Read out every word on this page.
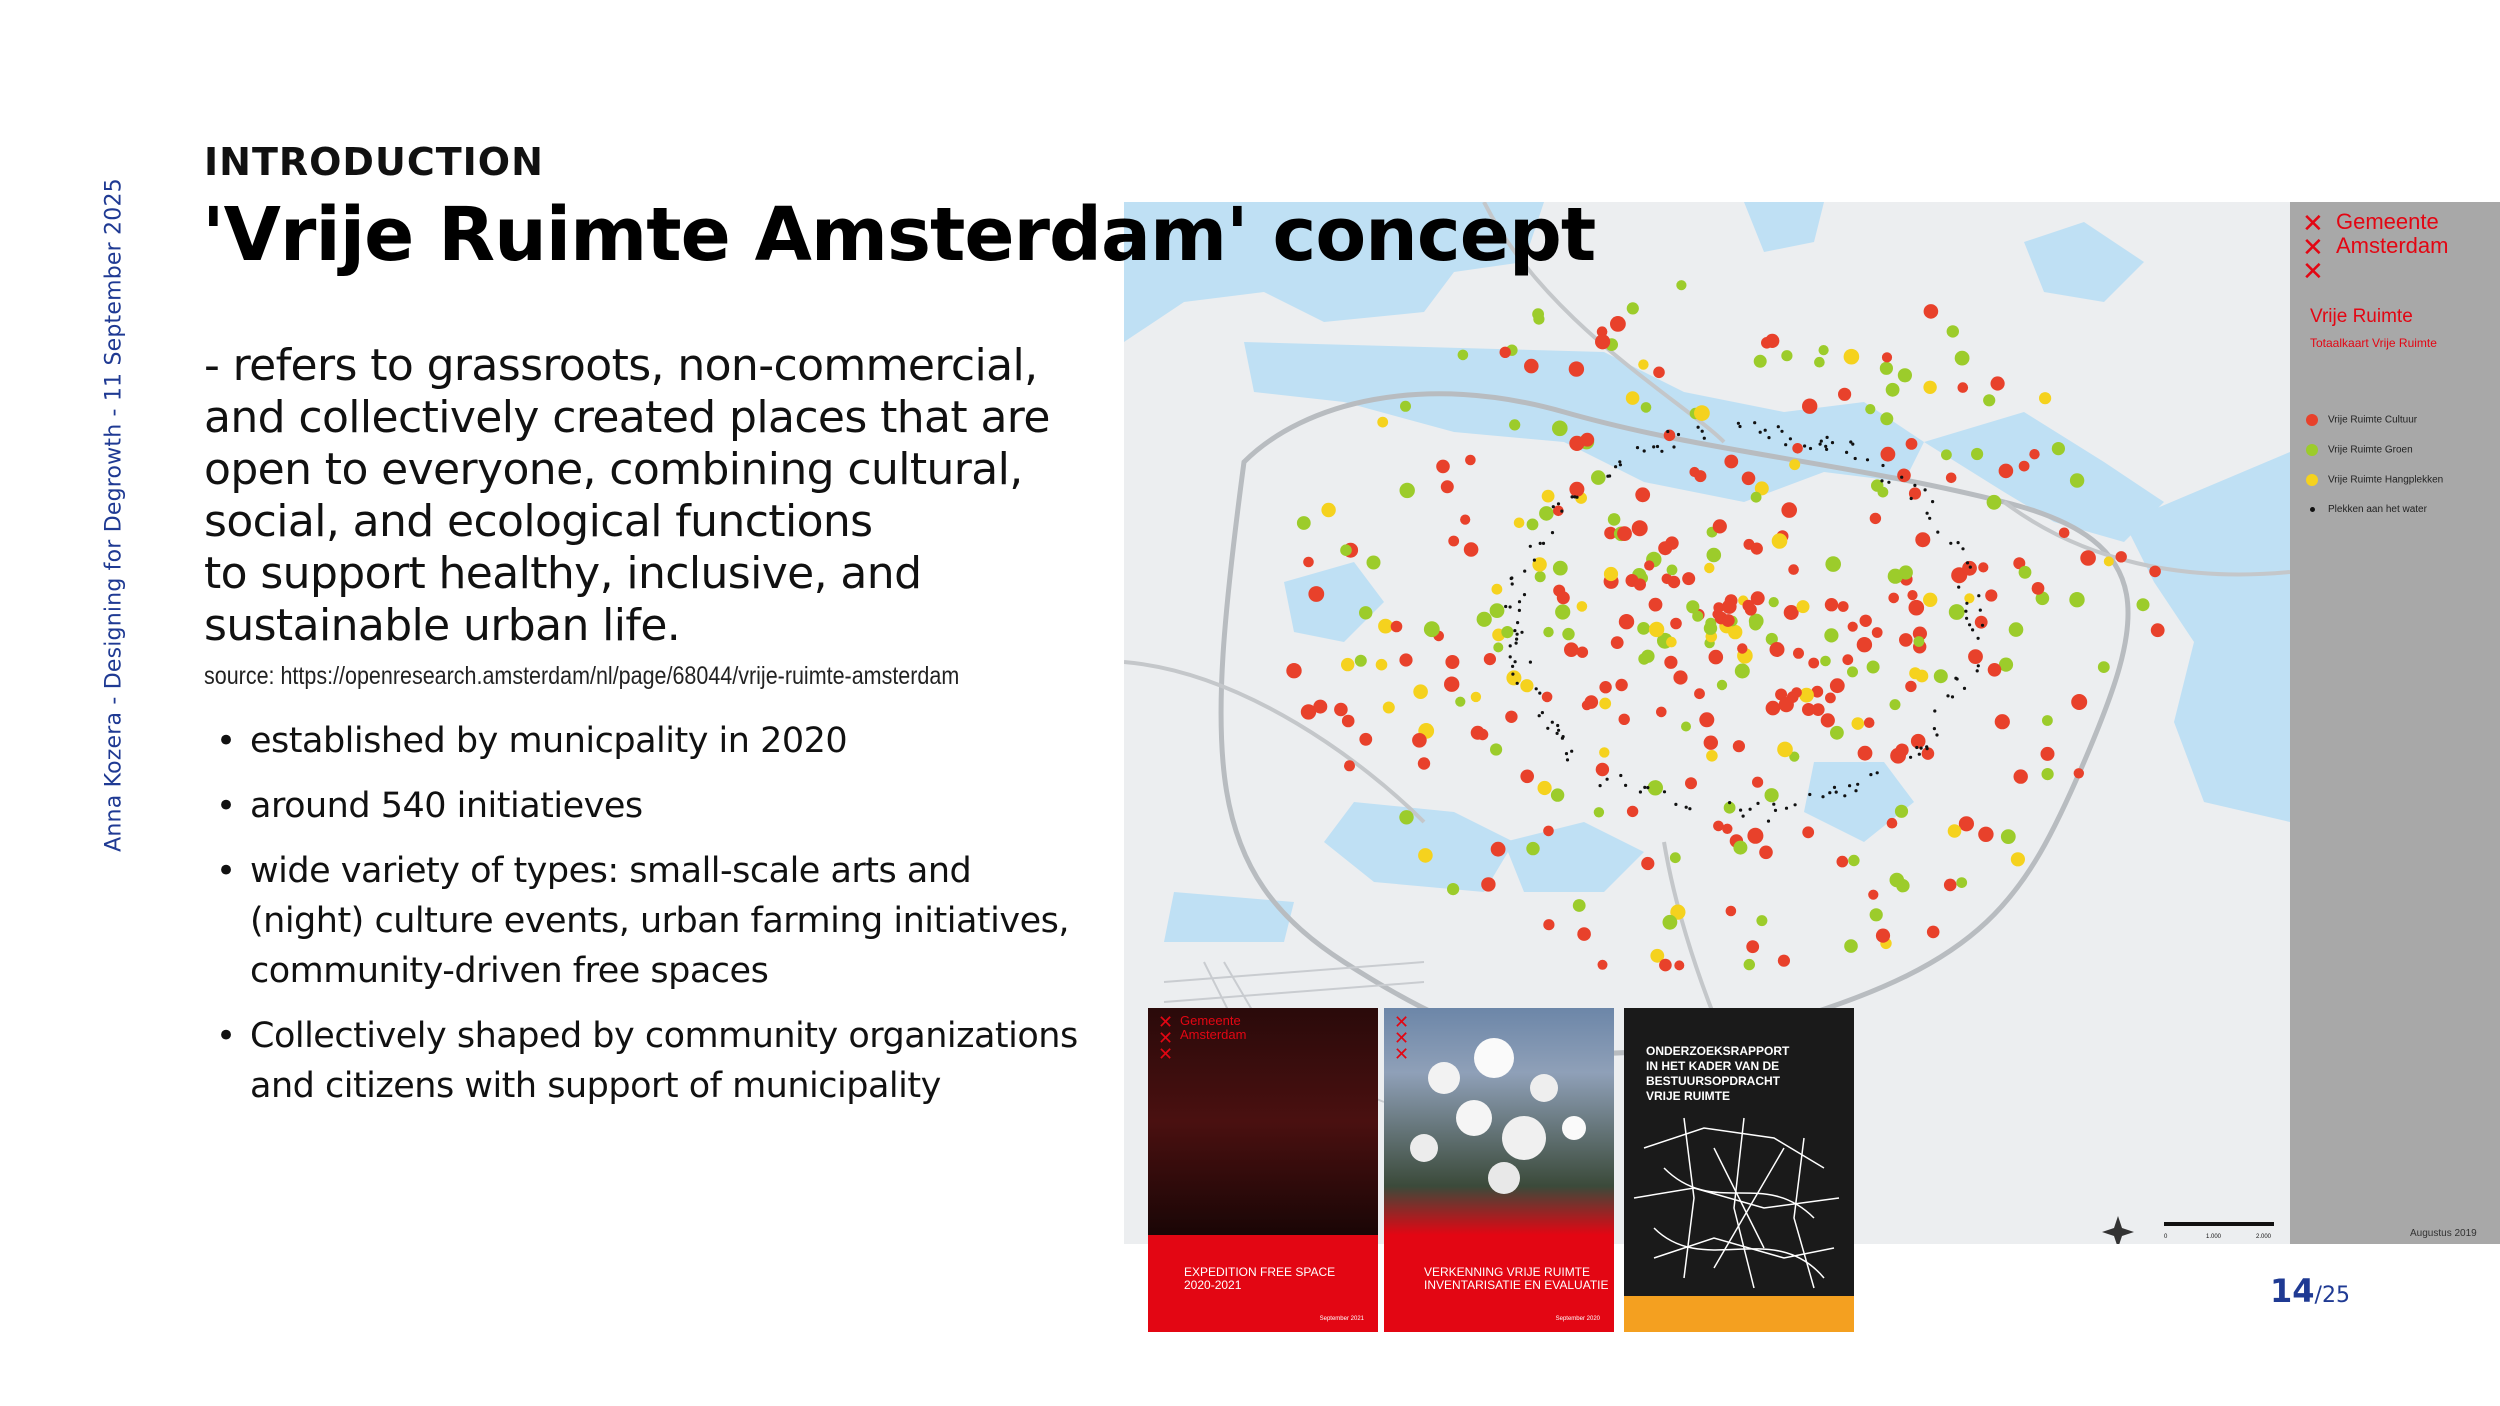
Anna Kozera - Designing for Degrowth - 11 September 2025
INTRODUCTION
'Vrije Ruimte Amsterdam' concept
- refers to grassroots, non-commercial,
and collectively created places that are
open to everyone, combining cultural,
social, and ecological functions
to support healthy, inclusive, and
sustainable urban life.
source: https://openresearch.amsterdam/nl/page/68044/vrije-ruimte-amsterdam
• established by municpality in 2020
• around 540 initiatieves
• wide variety of types: small-scale arts and
(night) culture events, urban farming initiatives,
community-driven free spaces
• Collectively shaped by community organizations
and citizens with support of municipality
0	1.000	2.000
✕
✕
✕
Gemeente
Amsterdam
Vrije Ruimte
Totaalkaart Vrije Ruimte
Vrije Ruimte Cultuur
Vrije Ruimte Groen
Vrije Ruimte Hangplekken
Plekken aan het water
Augustus 2019
✕
✕
✕
Gemeente
Amsterdam
EXPEDITION FREE SPACE
2020-2021
September 2021
✕
✕
✕
VERKENNING VRIJE RUIMTE
INVENTARISATIE EN EVALUATIE
September 2020
ONDERZOEKSRAPPORT
IN HET KADER VAN DE
BESTUURSOPDRACHT
VRIJE RUIMTE
14/25
